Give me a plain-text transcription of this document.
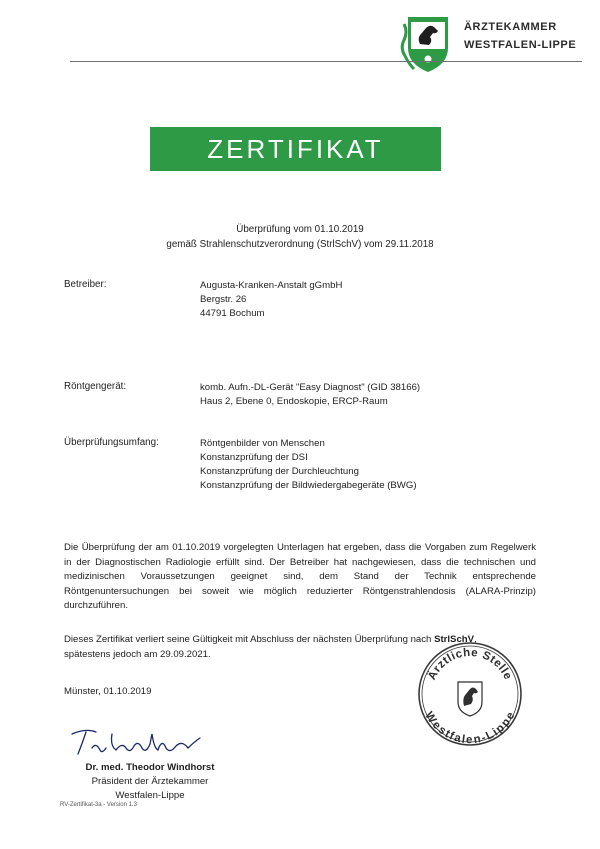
ÄRZTEKAMMER
WESTFALEN-LIPPE
ZERTIFIKAT
Überprüfung vom 01.10.2019
gemäß Strahlenschutzverordnung (StrlSchV) vom 29.11.2018
Betreiber:	Augusta-Kranken-Anstalt gGmbH
Bergstr. 26
44791 Bochum
Röntgengerät:	komb. Aufn.-DL-Gerät "Easy Diagnost" (GID 38166)
Haus 2, Ebene 0, Endoskopie, ERCP-Raum
Überprüfungsumfang:	Röntgenbilder von Menschen
Konstanzprüfung der DSI
Konstanzprüfung der Durchleuchtung
Konstanzprüfung der Bildwiedergabegeräte (BWG)
Die Überprüfung der am 01.10.2019 vorgelegten Unterlagen hat ergeben, dass die Vorgaben zum Regelwerk in der Diagnostischen Radiologie erfüllt sind. Der Betreiber hat nachgewiesen, dass die technischen und medizinischen Voraussetzungen geeignet sind, dem Stand der Technik entsprechende Röntgenuntersuchungen bei soweit wie möglich reduzierter Röntgenstrahlendosis (ALARA-Prinzip) durchzuführen.
Dieses Zertifikat verliert seine Gültigkeit mit Abschluss der nächsten Überprüfung nach StrlSchV,
spätestens jedoch am 29.09.2021.
Münster, 01.10.2019
Dr. med. Theodor Windhorst
Präsident der Ärztekammer
Westfalen-Lippe
RV-Zertifikat-3a - Version 1.3
Ärztliche Stelle
Westfalen-Lippe
